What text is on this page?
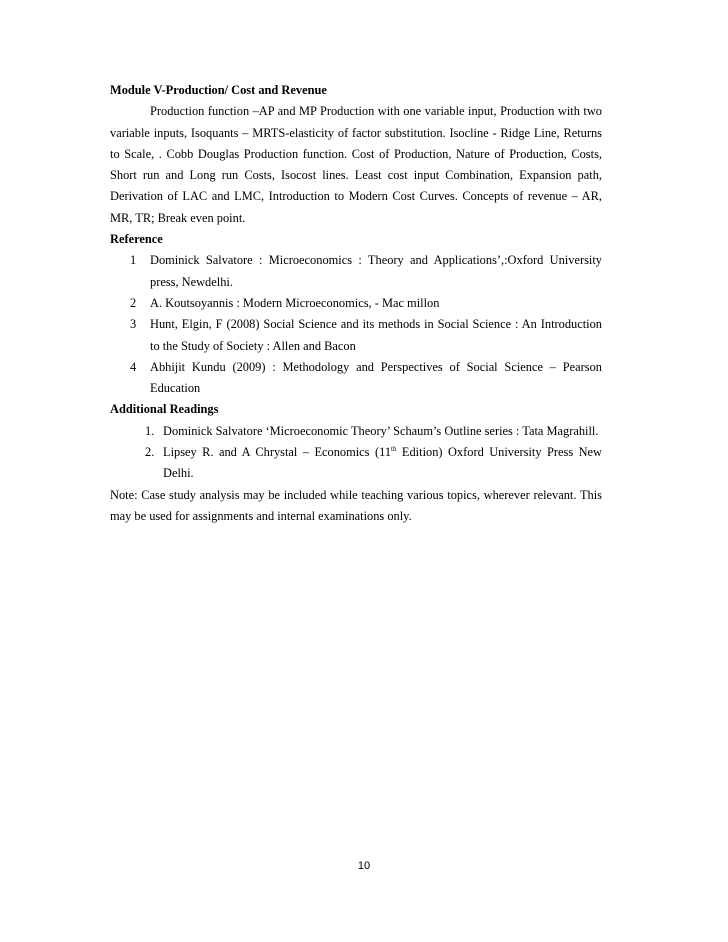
Module V-Production/ Cost and Revenue
Production function –AP and MP Production with one variable input, Production with two variable inputs, Isoquants – MRTS-elasticity of factor substitution. Isocline - Ridge Line, Returns to Scale, . Cobb Douglas Production function. Cost of Production, Nature of Production, Costs, Short run and Long run Costs, Isocost lines. Least cost input Combination, Expansion path, Derivation of LAC and LMC, Introduction to Modern Cost Curves. Concepts of revenue – AR, MR, TR; Break even point.
Reference
1 Dominick Salvatore : Microeconomics : Theory and Applications’,:Oxford University press, Newdelhi.
2 A. Koutsoyannis : Modern Microeconomics, - Mac millon
3 Hunt, Elgin, F (2008) Social Science and its methods in Social Science : An Introduction to the Study of Society : Allen and Bacon
4 Abhijit Kundu (2009) : Methodology and Perspectives of Social Science – Pearson Education
Additional Readings
1. Dominick Salvatore ‘Microeconomic Theory’ Schaum’s Outline series : Tata Magrahill.
2. Lipsey R. and A Chrystal – Economics (11th Edition) Oxford University Press New Delhi.
Note: Case study analysis may be included while teaching various topics, wherever relevant. This may be used for assignments and internal examinations only.
10
